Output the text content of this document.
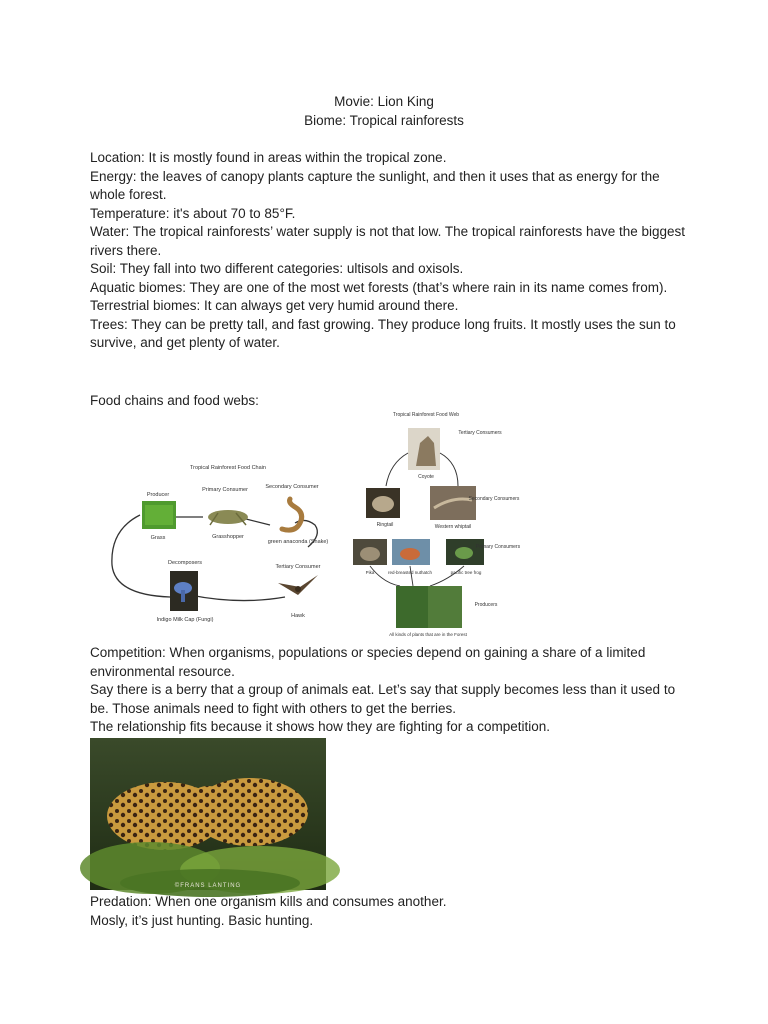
Movie: Lion King
Biome: Tropical rainforests

Location: It is mostly found in areas within the tropical zone.

Energy: the leaves of canopy plants capture the sunlight, and then it uses that as energy for the whole forest.

Temperature: it's about 70 to 85°F.

Water: The tropical rainforests’ water supply is not that low. The tropical rainforests have the biggest rivers there.

Soil: They fall into two different categories: ultisols and oxisols.

Aquatic biomes: They are one of the most wet forests (that’s where rain in its name comes from).

Terrestrial biomes: It can always get very humid around there.

Trees: They can be pretty tall, and fast growing. They produce long fruits. It mostly uses the sun to survive, and get plenty of water.

Food chains and food webs:

Tropical Rainforest Food Chain
Producer
Grass
Primary Consumer
Grasshopper
Secondary Consumer
green anaconda (Snake)
Tertiary Consumer
Hawk
Decomposers
Indigo Milk Cap (Fungi)
Tropical Rainforest Food Web
Tertiary Consumers
Coyote
Ringtail	Western whiptail
Secondary Consumers
Pika	red-breasted nuthatch	pacific tree frog
Primary Consumers
Producers
All kinds of plants that are in the Forest

Competition: When organisms, populations or species depend on gaining a share of a limited environmental resource.

Say there is a berry that a group of animals eat. Let’s say that supply becomes less than it used to be. Those animals need to fight with others to get the berries.

The relationship fits because it shows how they are fighting for a competition.

©FRANS LANTING

Predation: When one organism kills and consumes another.

Mosly, it’s just hunting. Basic hunting.
